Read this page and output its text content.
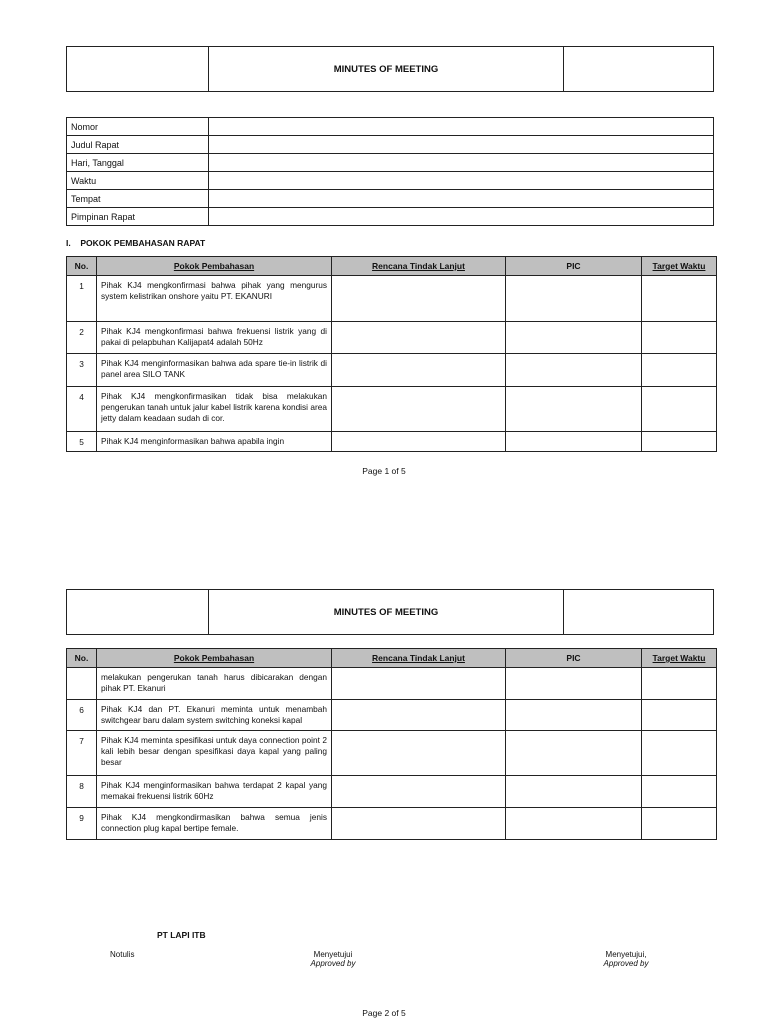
	MINUTES OF MEETING	
Nomor	
Judul Rapat	
Hari, Tanggal	
Waktu	
Tempat	
Pimpinan Rapat	
I. POKOK PEMBAHASAN RAPAT
No.	Pokok Pembahasan	Rencana Tindak Lanjut	PIC	Target Waktu
1	Pihak KJ4 mengkonfirmasi bahwa pihak yang mengurus system kelistrikan onshore yaitu PT. EKANURI			
2	Pihak KJ4 mengkonfirmasi bahwa frekuensi listrik yang di pakai di pelapbuhan Kalijapat4 adalah 50Hz			
3	Pihak KJ4 menginformasikan bahwa ada spare tie-in listrik di panel area SILO TANK			
4	Pihak KJ4 mengkonfirmasikan tidak bisa melakukan pengerukan tanah untuk jalur kabel listrik karena kondisi area jetty dalam keadaan sudah di cor.			
5	Pihak KJ4 menginformasikan bahwa apabila ingin			
Page 1 of 5
	MINUTES OF MEETING	
No.	Pokok Pembahasan	Rencana Tindak Lanjut	PIC	Target Waktu
	melakukan pengerukan tanah harus dibicarakan dengan pihak PT. Ekanuri			
6	Pihak KJ4 dan PT. Ekanuri meminta untuk menambah switchgear baru dalam system switching koneksi kapal			
7	Pihak KJ4 meminta spesifikasi untuk daya connection point 2 kali lebih besar dengan spesifikasi daya kapal yang paling besar			
8	Pihak KJ4 menginformasikan bahwa terdapat 2 kapal yang memakai frekuensi listrik 60Hz			
9	Pihak KJ4 mengkondirmasikan bahwa semua jenis connection plug kapal bertipe female.			
PT LAPI ITB
Notulis	Menyetujui
Approved by
Menyetujui,
Approved by
Page 2 of 5
